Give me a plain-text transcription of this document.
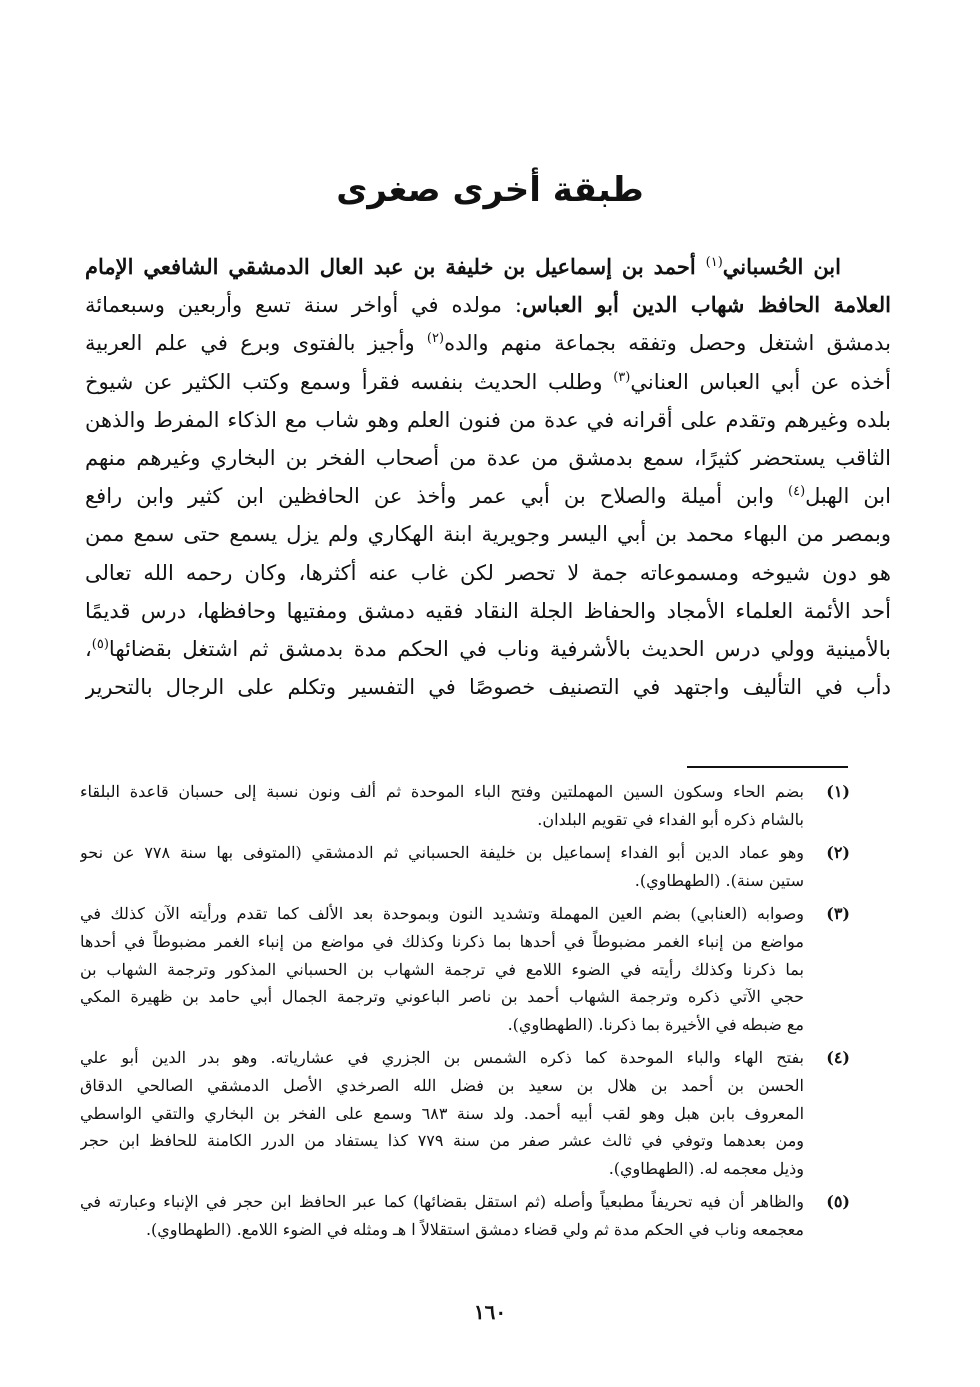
طبقة أخرى صغرى
ابن الحُسباني$^{(١)}$ أحمد بن إسماعيل بن خليفة بن عبد العال الدمشقي الشافعي الإمام
العلامة الحافظ شهاب الدين أبو العباس: مولده في أواخر سنة تسع وأربعين وسبعمائة
بدمشق اشتغل وحصل وتفقه بجماعة منهم والده$^{(٢)}$ وأجيز بالفتوى وبرع في علم العربية
أخذه عن أبي العباس العناني$^{(٣)}$ وطلب الحديث بنفسه فقرأ وسمع وكتب الكثير عن شيوخ
بلده وغيرهم وتقدم على أقرانه في عدة من فنون العلم وهو شاب مع الذكاء المفرط والذهن
الثاقب يستحضر كثيرًا، سمع بدمشق من عدة من أصحاب الفخر بن البخاري وغيرهم منهم
ابن الهبل$^{(٤)}$ وابن أميلة والصلاح بن أبي عمر وأخذ عن الحافظين ابن كثير وابن رافع
وبمصر من البهاء محمد بن أبي اليسر وجويرية ابنة الهكاري ولم يزل يسمع حتى سمع ممن
هو دون شيوخه ومسموعاته جمة لا تحصر لكن غاب عنه أكثرها، وكان رحمه الله تعالى
أحد الأئمة العلماء الأمجاد والحفاظ الجلة النقاد فقيه دمشق ومفتيها وحافظها، درس قديمًا
بالأمينية وولي درس الحديث بالأشرفية وناب في الحكم مدة بدمشق ثم اشتغل بقضائها$^{(٥)}$،
دأب في التأليف واجتهد في التصنيف خصوصًا في التفسير وتكلم على الرجال بالتحرير
(١)
بضم الحاء وسكون السين المهملتين وفتح الباء الموحدة ثم ألف ونون نسبة إلى حسبان قاعدة البلقاء
بالشام ذكره أبو الفداء في تقويم البلدان.
(٢)
وهو عماد الدين أبو الفداء إسماعيل بن خليفة الحسباني ثم الدمشقي (المتوفى بها سنة ٧٧٨ عن نحو
ستين سنة). (الطهطاوي).
(٣)
وصوابه (العنابي) بضم العين المهملة وتشديد النون وبموحدة بعد الألف كما تقدم ورأيته الآن كذلك في
مواضع من إنباء الغمر مضبوطاً في أحدها بما ذكرنا وكذلك في مواضع من إنباء الغمر مضبوطاً في أحدها
بما ذكرنا وكذلك رأيته في الضوء اللامع في ترجمة الشهاب بن الحسباني المذكور وترجمة الشهاب بن
حجي الآتي ذكره وترجمة الشهاب أحمد بن ناصر الباعوني وترجمة الجمال أبي حامد بن ظهيرة المكي
مع ضبطه في الأخيرة بما ذكرنا. (الطهطاوي).
(٤)
بفتح الهاء والباء الموحدة كما ذكره الشمس بن الجزري في عشارياته. وهو بدر الدين أبو علي
الحسن بن أحمد بن هلال بن سعيد بن فضل الله الصرخدي الأصل الدمشقي الصالحي الدقاق
المعروف بابن هبل وهو لقب أبيه أحمد. ولد سنة ٦٨٣ وسمع على الفخر بن البخاري والتقي الواسطي
ومن بعدهما وتوفي في ثالث عشر صفر من سنة ٧٧٩ كذا يستفاد من الدرر الكامنة للحافظ ابن حجر
وذيل معجمه له. (الطهطاوي).
(٥)
والظاهر أن فيه تحريفاً مطبعياً وأصله (ثم استقل بقضائها) كما عبر الحافظ ابن حجر في الإنباء وعبارته في
معجمعه وناب في الحكم مدة ثم ولي قضاء دمشق استقلالاً ا هـ ومثله في الضوء اللامع. (الطهطاوي).
١٦٠
